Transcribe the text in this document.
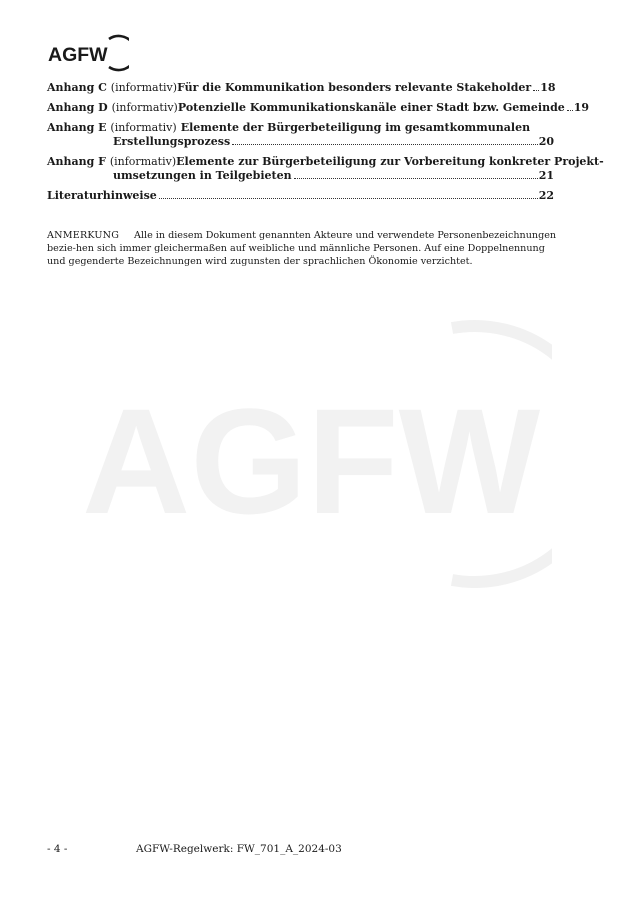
AGFW
AGFW
Anhang C (informativ) Für die Kommunikation besonders relevante Stakeholder 18
Anhang D (informativ) Potenzielle Kommunikationskanäle einer Stadt bzw. Gemeinde 19
Anhang E (informativ) Elemente der Bürgerbeteiligung im gesamtkommunalen
Erstellungsprozess	20
Anhang F (informativ) Elemente zur Bürgerbeteiligung zur Vorbereitung konkreter Projekt-
umsetzungen in Teilgebieten	21
Literaturhinweise	22
ANMERKUNG Alle in diesem Dokument genannten Akteure und verwendete Personenbezeichnungen bezie-hen sich immer gleichermaßen auf weibliche und männliche Personen. Auf eine Doppelnennung und gegenderte Bezeichnungen wird zugunsten der sprachlichen Ökonomie verzichtet.
- 4 -	AGFW-Regelwerk: FW_701_A_2024-03
